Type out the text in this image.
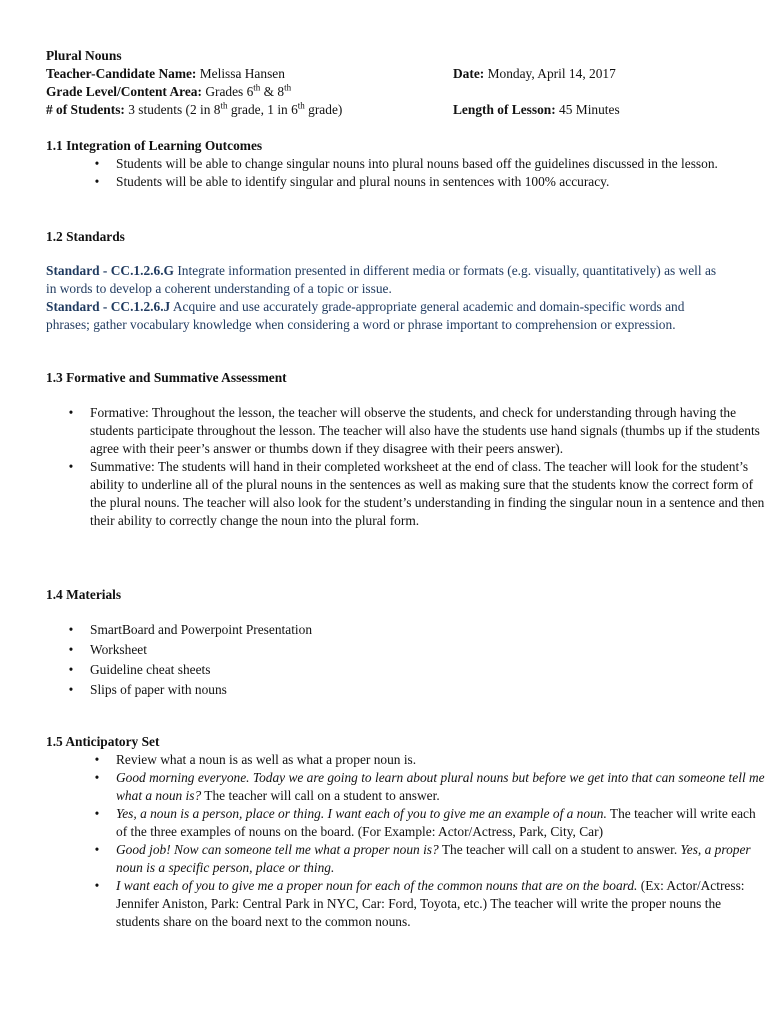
Plural Nouns
Teacher-Candidate Name: Melissa Hansen	Date: Monday, April 14, 2017
Grade Level/Content Area: Grades 6th & 8th
# of Students: 3 students (2 in 8th grade, 1 in 6th grade)	Length of Lesson: 45 Minutes
1.1 Integration of Learning Outcomes
• Students will be able to change singular nouns into plural nouns based off the guidelines discussed in the lesson.
• Students will be able to identify singular and plural nouns in sentences with 100% accuracy.
1.2 Standards
Standard - CC.1.2.6.G Integrate information presented in different media or formats (e.g. visually, quantitatively) as well as in words to develop a coherent understanding of a topic or issue.
Standard - CC.1.2.6.J Acquire and use accurately grade-appropriate general academic and domain-specific words and phrases; gather vocabulary knowledge when considering a word or phrase important to comprehension or expression.
1.3 Formative and Summative Assessment
• Formative: Throughout the lesson, the teacher will observe the students, and check for understanding through having the students participate throughout the lesson. The teacher will also have the students use hand signals (thumbs up if the students agree with their peer’s answer or thumbs down if they disagree with their peers answer).
• Summative: The students will hand in their completed worksheet at the end of class. The teacher will look for the student’s ability to underline all of the plural nouns in the sentences as well as making sure that the students know the correct form of the plural nouns. The teacher will also look for the student’s understanding in finding the singular noun in a sentence and then their ability to correctly change the noun into the plural form.
1.4 Materials
• SmartBoard and Powerpoint Presentation
• Worksheet
• Guideline cheat sheets
• Slips of paper with nouns
1.5 Anticipatory Set
• Review what a noun is as well as what a proper noun is.
• Good morning everyone. Today we are going to learn about plural nouns but before we get into that can someone tell me what a noun is? The teacher will call on a student to answer.
• Yes, a noun is a person, place or thing. I want each of you to give me an example of a noun. The teacher will write each of the three examples of nouns on the board. (For Example: Actor/Actress, Park, City, Car)
• Good job! Now can someone tell me what a proper noun is? The teacher will call on a student to answer. Yes, a proper noun is a specific person, place or thing.
• I want each of you to give me a proper noun for each of the common nouns that are on the board. (Ex: Actor/Actress: Jennifer Aniston, Park: Central Park in NYC, Car: Ford, Toyota, etc.) The teacher will write the proper nouns the students share on the board next to the common nouns.
